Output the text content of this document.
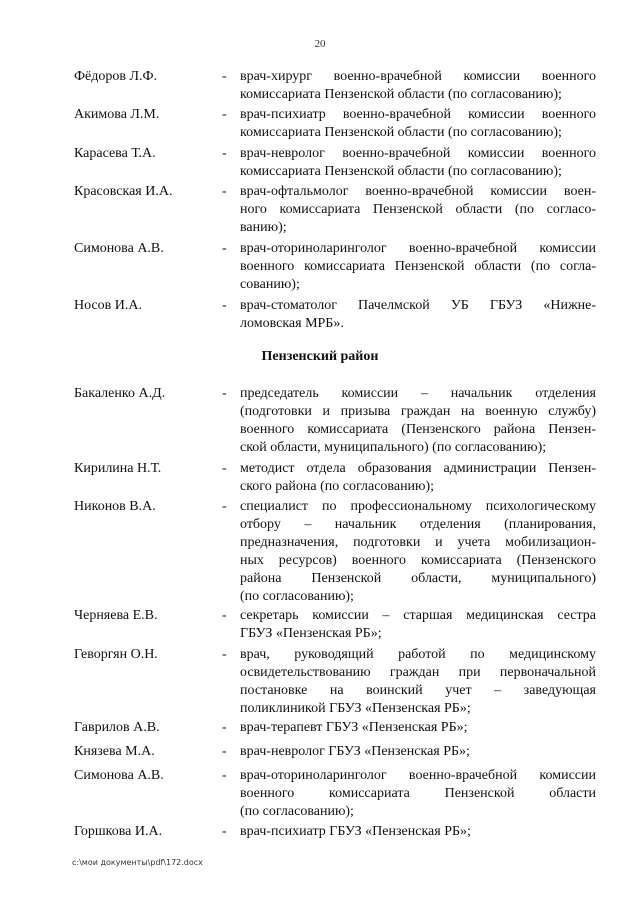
20
Фёдоров Л.Ф.	- врач-хирург военно-врачебной комиссии военного
комиссариата Пензенской области (по согласованию);
Акимова Л.М.	- врач-психиатр военно-врачебной комиссии военного
комиссариата Пензенской области (по согласованию);
Карасева Т.А.	- врач-невролог военно-врачебной комиссии военного
комиссариата Пензенской области (по согласованию);
Красовская И.А.	- врач-офтальмолог военно-врачебной комиссии воен-
ного комиссариата Пензенской области (по согласо-
ванию);
Симонова А.В.	- врач-оториноларинголог военно-врачебной комиссии
военного комиссариата Пензенской области (по согла-
сованию);
Носов И.А.	- врач-стоматолог Пачелмской УБ ГБУЗ «Нижне-
ломовская МРБ».
Пензенский район
Бакаленко А.Д.	- председатель комиссии – начальник отделения
(подготовки и призыва граждан на военную службу)
военного комиссариата (Пензенского района Пензен-
ской области, муниципального) (по согласованию);
Кирилина Н.Т.	- методист отдела образования администрации Пензен-
ского района (по согласованию);
Никонов В.А.	- специалист по профессиональному психологическому
отбору – начальник отделения (планирования,
предназначения, подготовки и учета мобилизацион-
ных ресурсов) военного комиссариата (Пензенского
района Пензенской области, муниципального)
(по согласованию);
Черняева Е.В.	- секретарь комиссии – старшая медицинская сестра
ГБУЗ «Пензенская РБ»;
Геворгян О.Н.	- врач, руководящий работой по медицинскому
освидетельствованию граждан при первоначальной
постановке на воинский учет – заведующая
поликлиникой ГБУЗ «Пензенская РБ»;
Гаврилов А.В.	- врач-терапевт ГБУЗ «Пензенская РБ»;
Князева М.А.	- врач-невролог ГБУЗ «Пензенская РБ»;
Симонова А.В.	- врач-оториноларинголог военно-врачебной комиссии
военного комиссариата Пензенской области
(по согласованию);
Горшкова И.А.	- врач-психиатр ГБУЗ «Пензенская РБ»;
c:\мои документы\pdf\172.docx
